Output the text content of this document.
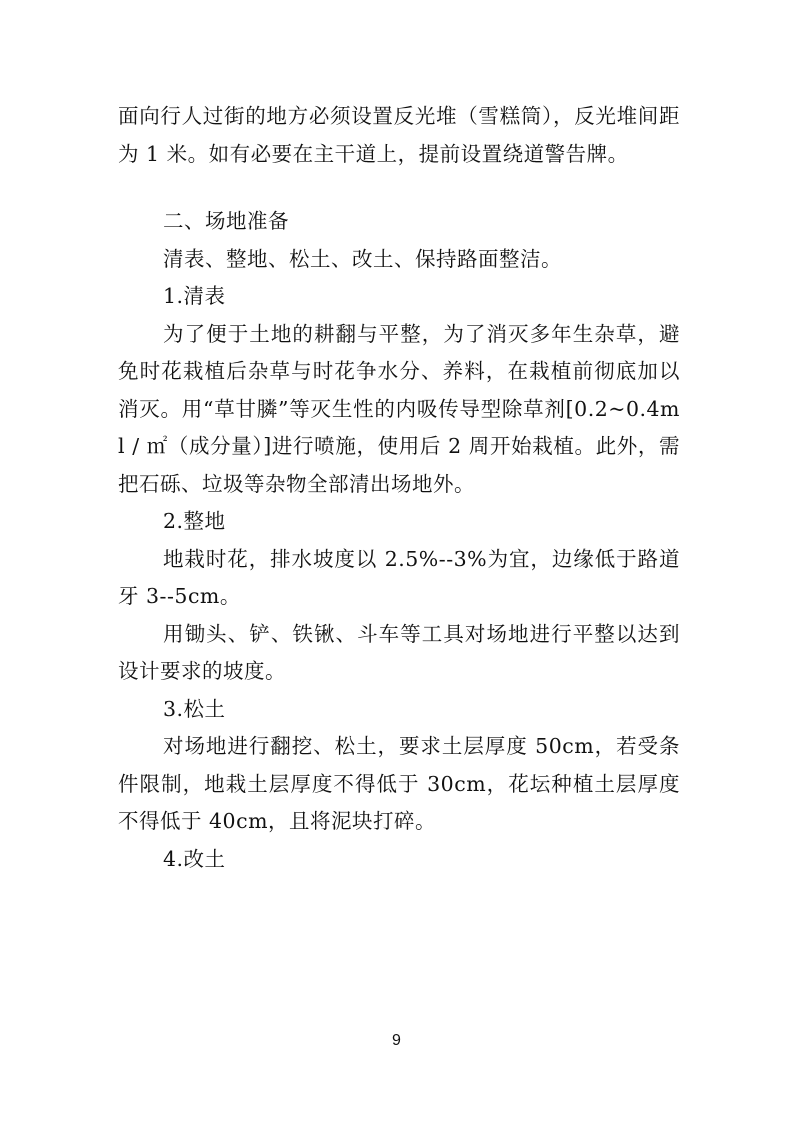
面向行人过街的地方必须设置反光堆（雪糕筒），反光堆间距为 1 米。如有必要在主干道上，提前设置绕道警告牌。

二、场地准备

清表、整地、松土、改土、保持路面整洁。

1.清表

为了便于土地的耕翻与平整，为了消灭多年生杂草，避免时花栽植后杂草与时花争水分、养料，在栽植前彻底加以消灭。用“草甘膦”等灭生性的内吸传导型除草剂[0.2~0.4ml / ㎡（成分量）]进行喷施，使用后 2 周开始栽植。此外，需把石砾、垃圾等杂物全部清出场地外。

2.整地

地栽时花，排水坡度以 2.5%--3%为宜，边缘低于路道牙 3--5cm。

用锄头、铲、铁锹、斗车等工具对场地进行平整以达到设计要求的坡度。

3.松土

对场地进行翻挖、松土，要求土层厚度 50cm，若受条件限制，地栽土层厚度不得低于 30cm，花坛种植土层厚度不得低于 40cm，且将泥块打碎。

4.改土

9
